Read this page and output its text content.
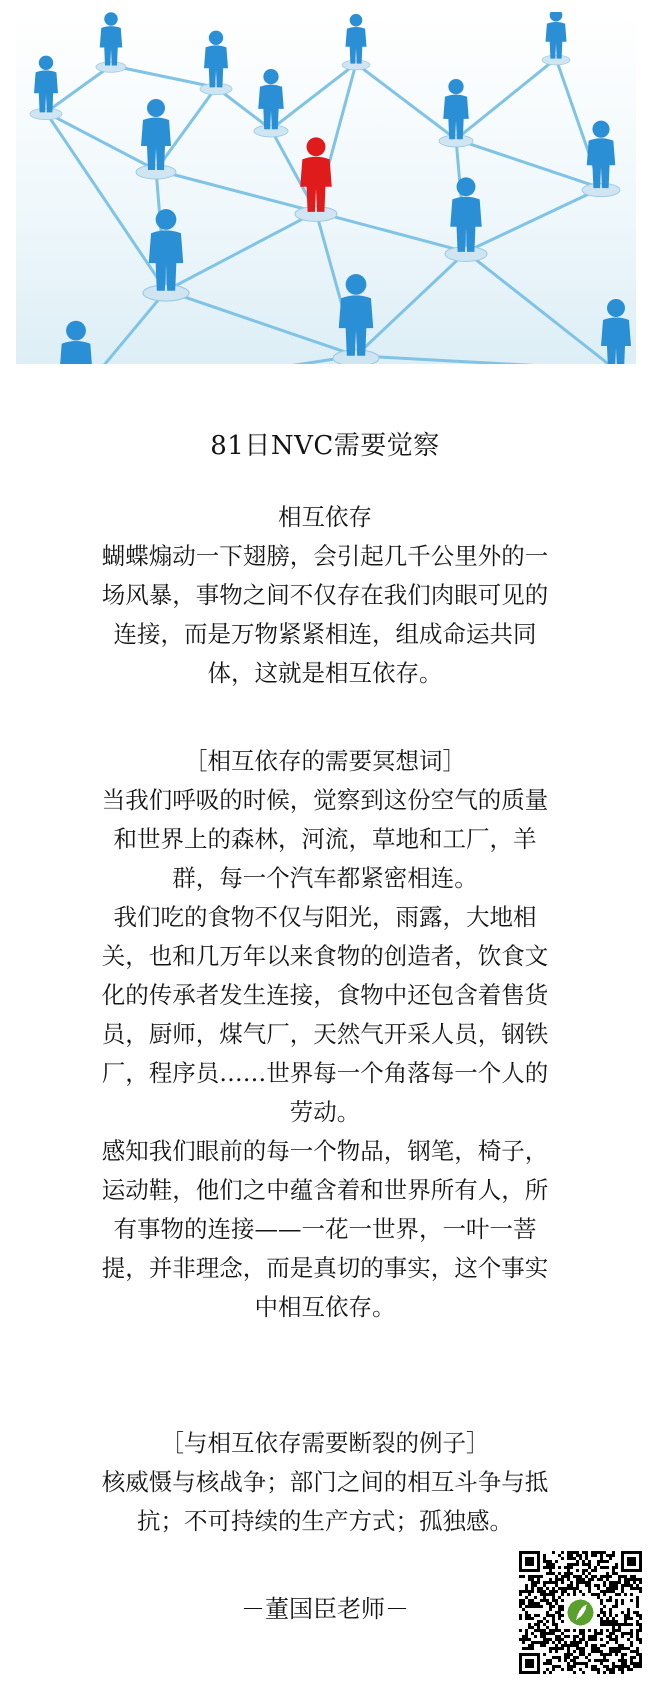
81日NVC需要觉察
相互依存
蝴蝶煽动一下翅膀，会引起几千公里外的一
场风暴，事物之间不仅存在我们肉眼可见的
连接，而是万物紧紧相连，组成命运共同
体，这就是相互依存。
［相互依存的需要冥想词］
当我们呼吸的时候，觉察到这份空气的质量
和世界上的森林，河流，草地和工厂，羊
群，每一个汽车都紧密相连。
我们吃的食物不仅与阳光，雨露，大地相
关，也和几万年以来食物的创造者，饮食文
化的传承者发生连接，食物中还包含着售货
员，厨师，煤气厂，天然气开采人员，钢铁
厂，程序员……世界每一个角落每一个人的
劳动。
感知我们眼前的每一个物品，钢笔，椅子，
运动鞋，他们之中蕴含着和世界所有人，所
有事物的连接——一花一世界，一叶一菩
提，并非理念，而是真切的事实，这个事实
中相互依存。
［与相互依存需要断裂的例子］
核威慑与核战争；部门之间的相互斗争与抵
抗；不可持续的生产方式；孤独感。
－董国臣老师－
